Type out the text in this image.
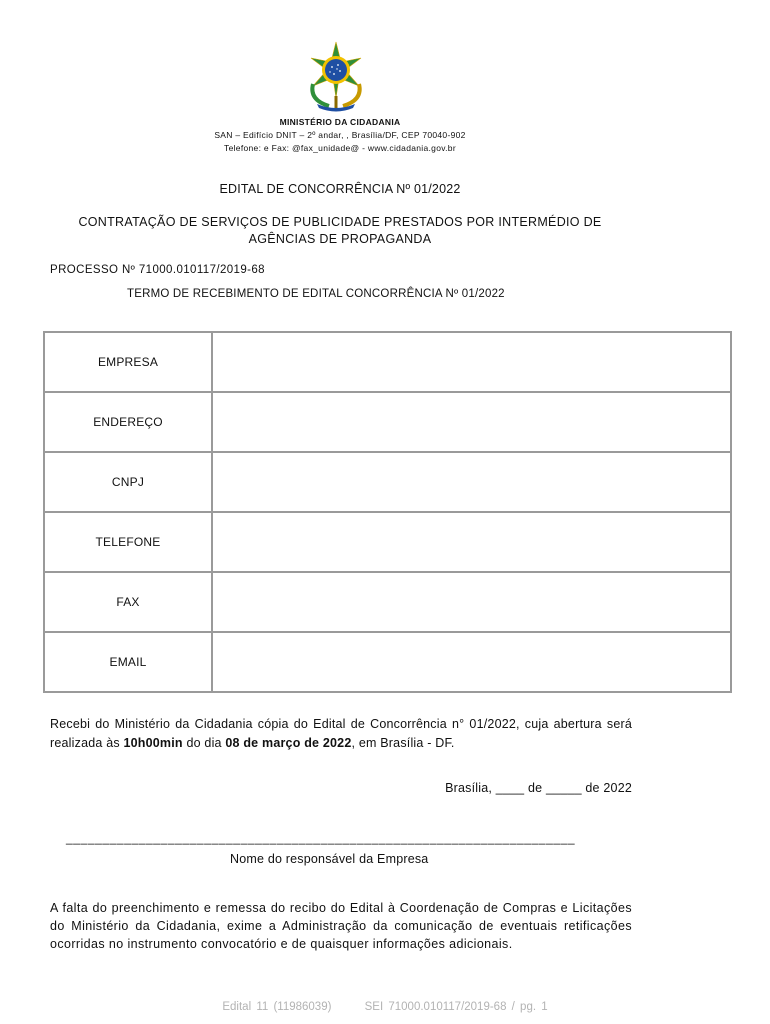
MINISTÉRIO DA CIDADANIA
SAN – Edifício DNIT – 2º andar, , Brasília/DF, CEP 70040-902
Telefone: e Fax: @fax_unidade@ - www.cidadania.gov.br
EDITAL DE CONCORRÊNCIA Nº 01/2022
CONTRATAÇÃO DE SERVIÇOS DE PUBLICIDADE PRESTADOS POR INTERMÉDIO DE AGÊNCIAS DE PROPAGANDA
PROCESSO Nº 71000.010117/2019-68
TERMO DE RECEBIMENTO DE EDITAL CONCORRÊNCIA Nº 01/2022
EMPRESA	
ENDEREÇO	
CNPJ	
TELEFONE	
FAX	
EMAIL	
Recebi do Ministério da Cidadania cópia do Edital de Concorrência n° 01/2022, cuja abertura será realizada às 10h00min do dia 08 de março de 2022, em Brasília - DF.
Brasília, ____ de _____ de 2022
______________________________________________________________________
Nome do responsável da Empresa
A falta do preenchimento e remessa do recibo do Edital à Coordenação de Compras e Licitações do Ministério da Cidadania, exime a Administração da comunicação de eventuais retificações ocorridas no instrumento convocatório e de quaisquer informações adicionais.
Edital 11 (11986039)	SEI 71000.010117/2019-68 / pg. 1
